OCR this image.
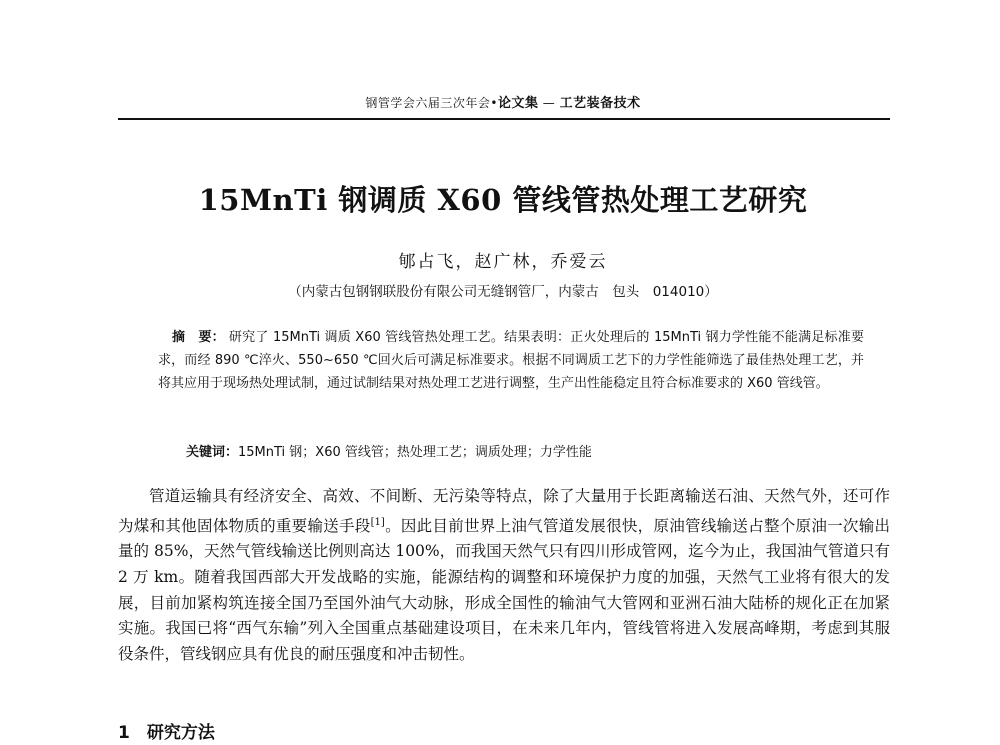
钢管学会六届三次年会•论文集 — 工艺装备技术
15MnTi 钢调质 X60 管线管热处理工艺研究
郇占飞，赵广林，乔爱云
（内蒙古包钢钢联股份有限公司无缝钢管厂，内蒙古　包头　014010）
摘　要： 研究了 15MnTi 调质 X60 管线管热处理工艺。结果表明：正火处理后的 15MnTi 钢力学性能不能满足标准要求，而经 890 ℃淬火、550~650 ℃回火后可满足标准要求。根据不同调质工艺下的力学性能筛选了最佳热处理工艺，并将其应用于现场热处理试制，通过试制结果对热处理工艺进行调整，生产出性能稳定且符合标准要求的 X60 管线管。
关键词：15MnTi 钢；X60 管线管；热处理工艺；调质处理；力学性能

管道运输具有经济安全、高效、不间断、无污染等特点，除了大量用于长距离输送石油、天然气外，还可作为煤和其他固体物质的重要输送手段[1]。因此目前世界上油气管道发展很快，原油管线输送占整个原油一次输出量的 85%，天然气管线输送比例则高达 100%，而我国天然气只有四川形成管网，迄今为止，我国油气管道只有 2 万 km。随着我国西部大开发战略的实施，能源结构的调整和环境保护力度的加强，天然气工业将有很大的发展，目前加紧构筑连接全国乃至国外油气大动脉，形成全国性的输油气大管网和亚洲石油大陆桥的规化正在加紧实施。我国已将“西气东输”列入全国重点基础建设项目，在未来几年内，管线管将进入发展高峰期，考虑到其服役条件，管线钢应具有优良的耐压强度和冲击韧性。

1　研究方法
